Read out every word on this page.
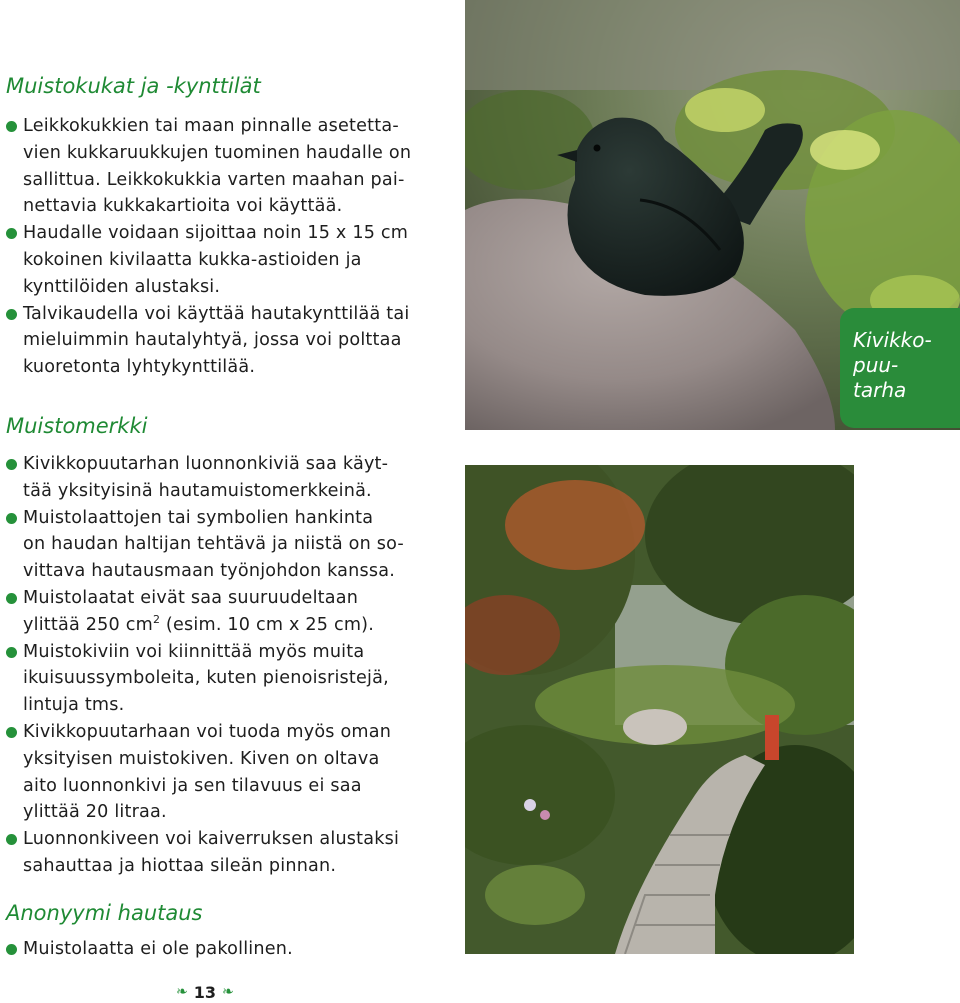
Muistokukat ja -kynttilät
Leikkokukkien tai maan pinnalle asetetta-
vien kukkaruukkujen tuominen haudalle on
sallittua. Leikkokukkia varten maahan pai-
nettavia kukkakartioita voi käyttää.
Haudalle voidaan sijoittaa noin 15 x 15 cm
kokoinen kivilaatta kukka-astioiden ja
kynttilöiden alustaksi.
Talvikaudella voi käyttää hautakynttilää tai
mieluimmin hautalyhtyä, jossa voi polttaa
kuoretonta lyhtykynttilää.
Muistomerkki
Kivikkopuutarhan luonnonkiviä saa käyt-
tää yksityisinä hautamuistomerkkeinä.
Muistolaattojen tai symbolien hankinta
on haudan haltijan tehtävä ja niistä on so-
vittava hautausmaan työnjohdon kanssa.
Muistolaatat eivät saa suuruudeltaan
ylittää 250 $cm^2$ (esim. 10 cm x 25 cm).
Muistokiviin voi kiinnittää myös muita
ikuisuussymboleita, kuten pienoisristejä,
lintuja tms.
Kivikkopuutarhaan voi tuoda myös oman
yksityisen muistokiven. Kiven on oltava
aito luonnonkivi ja sen tilavuus ei saa
ylittää 20 litraa.
Luonnonkiveen voi kaiverruksen alustaksi
sahauttaa ja hiottaa sileän pinnan.
Anonyymi hautaus
Muistolaatta ei ole pakollinen.
Kivikko-
puu-
tarha
❧ 13 ❧
